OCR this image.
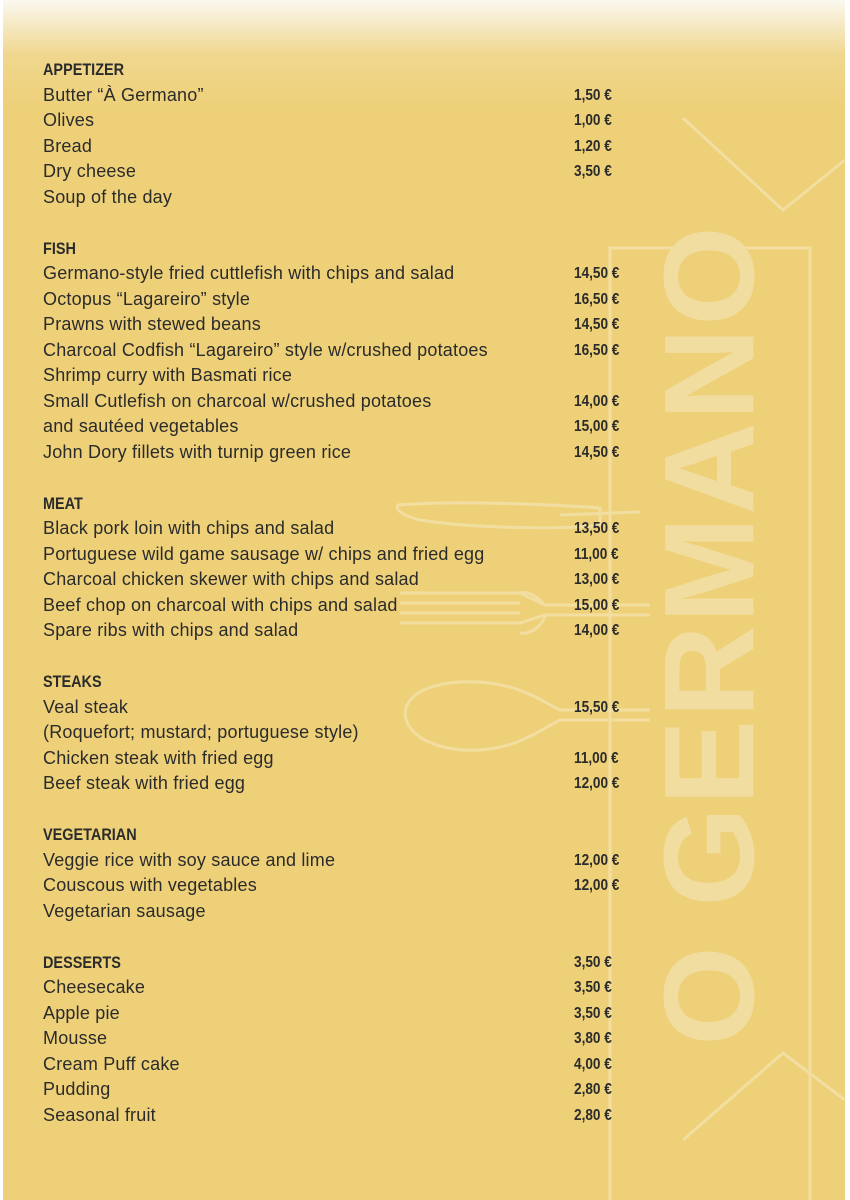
O GERMANO
APPETIZER
Butter “À Germano”	1,50 €
Olives	1,00 €
Bread	1,20 €
Dry cheese	3,50 €
Soup of the day
FISH
Germano-style fried cuttlefish with chips and salad	14,50 €
Octopus “Lagareiro” style	16,50 €
Prawns with stewed beans	14,50 €
Charcoal Codfish “Lagareiro” style w/crushed potatoes	16,50 €
Shrimp curry with Basmati rice
Small Cutlefish on charcoal w/crushed potatoes	14,00 €
and sautéed vegetables	15,00 €
John Dory fillets with turnip green rice	14,50 €
MEAT
Black pork loin with chips and salad	13,50 €
Portuguese wild game sausage w/ chips and fried egg	11,00 €
Charcoal chicken skewer with chips and salad	13,00 €
Beef chop on charcoal with chips and salad	15,00 €
Spare ribs with chips and salad	14,00 €
STEAKS
Veal steak	15,50 €
(Roquefort; mustard; portuguese style)
Chicken steak with fried egg	11,00 €
Beef steak with fried egg	12,00 €
VEGETARIAN
Veggie rice with soy sauce and lime	12,00 €
Couscous with vegetables	12,00 €
Vegetarian sausage
DESSERTS	3,50 €
Cheesecake	3,50 €
Apple pie	3,50 €
Mousse	3,80 €
Cream Puff cake	4,00 €
Pudding	2,80 €
Seasonal fruit	2,80 €
